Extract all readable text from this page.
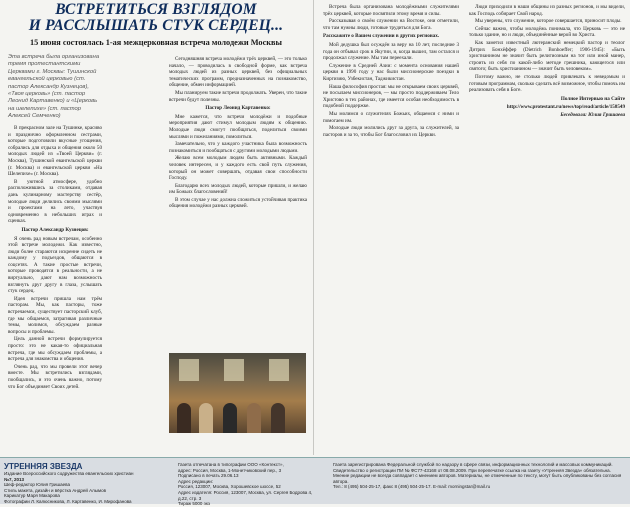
ВСТРЕТИТЬСЯ ВЗГЛЯДОМ
И РАССЛЫШАТЬ СТУК СЕРДЕЦ...
15 июня состоялась 1-ая межцерковная встреча молодежи Москвы
Эта встреча была организована тремя протестантскими Церквами г. Москвы: Тушинской евангельской церковью (ст. пастор Александр Кузнецов), «Твоя церковь» (ст. пастор Леонид Картавенко) и «Церковь на шелепихе» (ст. пастор Алексей Семченко)

В прекрасном зале на Тушинке, красиво и празднично оформленном сестрами, которые подготовили вкусные угощения, собрались для отдыха и общения около 50 молодых людей из «Твоей Церкви» (г. Москва), Тушинской евангельской церкви (г. Москва) и евангельской церкви «На Шелепихе» (г. Москва).

В уютной атмосфере, удобно расположившись за столиками, отдавая дань кулинарному мастерству сестёр, молодые люди делились своими мыслями и проектами на лето, участвуя одновременно в небольших играх и сценках.

Пастор Александр Кузнецов:

Я очень рад новым встречам, особенно этой встрече молодежи. Как известно, люди более стараются искренне сидеть не каждому у подъездов, общаются в соцсетях. А такие простые встречи, которые проводятся в реальности, а не виртуально, дают нам возможность взглянуть друг другу в глаза, услышать стук сердец.

Идея встречи пришла нам трём пасторам. Мы, как пасторы, тоже встречаемся, существует пасторский клуб, где мы общаемся, затрагивая различные темы, молимся, обсуждаем разные вопросы и проблемы.

Цель данной встречи формулируется просто: это не какая-то официальная встреча, где мы обсуждаем проблемы, а встреча для знакомства и общения.

Очень рад, что мы провели этот вечер вместе. Мы встретились взглядами, пообщались, и это очень важно, потому что Бог объединяет Своих детей.

Сегодняшняя встреча молодёжи трёх церквей, — это только начало, — проводилась в свободной форме, как встреча молодых людей из разных церквей, без официальных тематических программ, предназначенных на познакомство, общение, обмен информацией.

Мы планируем такие встречи продолжать. Уверен, что такие встречи будут полезны.

Пастор Леонид Картавенко:

Мне кажется, что встречи молодёжи и подобные мероприятия дают стимул молодым людям к общению. Молодые люди смогут пообщаться, поделиться своими мыслями и пожеланиями, помолиться.

Замечательно, что у каждого участника была возможность познакомиться и пообщаться с другими молодыми людьми.

Желаю всем молодым людям быть активными. Каждый человек интересен, и у каждого есть свой путь служения, который он может совершать, отдавая свои способности Господу.

Благодарю всех молодых людей, которые пришли, и желаю им Божьих благословений!

В этом случае у нас должна сложиться устойчивая практика общения молодёжи разных церквей.

Встреча была организована молодёжными служителями трёх церквей, которые посвятили этому время и силы.

Рассказывая о своём служении на Востоке, они отметили, что там нужны люди, готовые трудиться для Бога.

Расскажите о Вашем служении в других регионах.

Мой дедушка был осуждён за веру на 10 лет, последние 3 года он отбывал срок в Якутии, и, когда вышел, там остался и продолжал служение. Мы там переехали.

Служение в Средней Азии: с момента основания нашей церкви в 1990 году у нас были миссионерские поездки в Киргизию, Узбекистан, Таджикистан.

Наша философия простая: мы не открываем своих церквей, не посылаем миссионеров, — мы просто поддерживаем Тело Христово в тех районах, где имеется особая необходимость в подобной поддержке.

Мы молимся о служителях Божьих, общаемся с ними и помогаем им.

Молодые люди молились друг за друга, за служителей, за пасторов и за то, чтобы Бог благословил их Церкви.

Люди приходили в наши общины из разных регионов, и мы видели, как Господь собирает Свой народ.

Мы уверены, что служение, которое совершается, приносит плоды.

Сейчас важно, чтобы молодёжь понимала, что Церковь — это не только здание, но и люди, объединённые верой во Христа.

Как заметил известный лютеранский немецкий пастор и теолог Дитрих Бонхёффер (Dietrich Bonhoeffer; 1906-1945): «Быть христианином не значит быть религиозным на тот или иной манер, строить из себя по какой-либо методе грешника, кающегося или святого; быть христианином — значит быть человеком».

Поэтому важно, не столько людей привлекать к неведомым и готовым программам, сколько сделать всё возможное, чтобы помочь им реализовать себя в Боге.

Полное Интервью на Сайте

http://www.protestant.ru/news/top/read/article/158549

Беседовала: Юлия Гришаева

УТРЕННЯЯ ЗВЕЗДА
Издание Всероссийского содружества евангельских христиан
№7, 2013
Шеф-редактор Юлия Гришаева
Стиль макета, дизайн и вёрстка Андрей Алымов
Карикатур Маря Макарова
Фотографии Л. Калюсникова, Л. Картавенко, И. Мирофанова
Газета отпечатана в типографии ООО «Контекст»,
адрес: Россия, Москва, 1-Монетчиковский пер., 3
Подписано в печать 29.06.13
Адрес редакции:
Россия, 123007, Москва, Хорошевское шоссе, 52
Адрес издателя: Россия, 123007, Москва, ул. Сергея Бодрова 4, д.22, стр. 3
Тираж 5000 экз
Газета зарегистрирована Федеральной службой по надзору в сфере связи, информационных технологий и массовых коммуникаций. Свидетельство о регистрации ПИ № ФС77-43168 от 08.08.2009. При перепечатке ссылка на газету «Утренняя Звезда» обязательна. Мнение редакции не всегда совпадает с мнением авторов. Материалы, не отмеченные по тексту, могут быть опубликованы без согласия автора.
Тел.: 8 (495) 504-25-17, факс 8 (495) 504-25-17. E-mail: morningstar@mail.ru
